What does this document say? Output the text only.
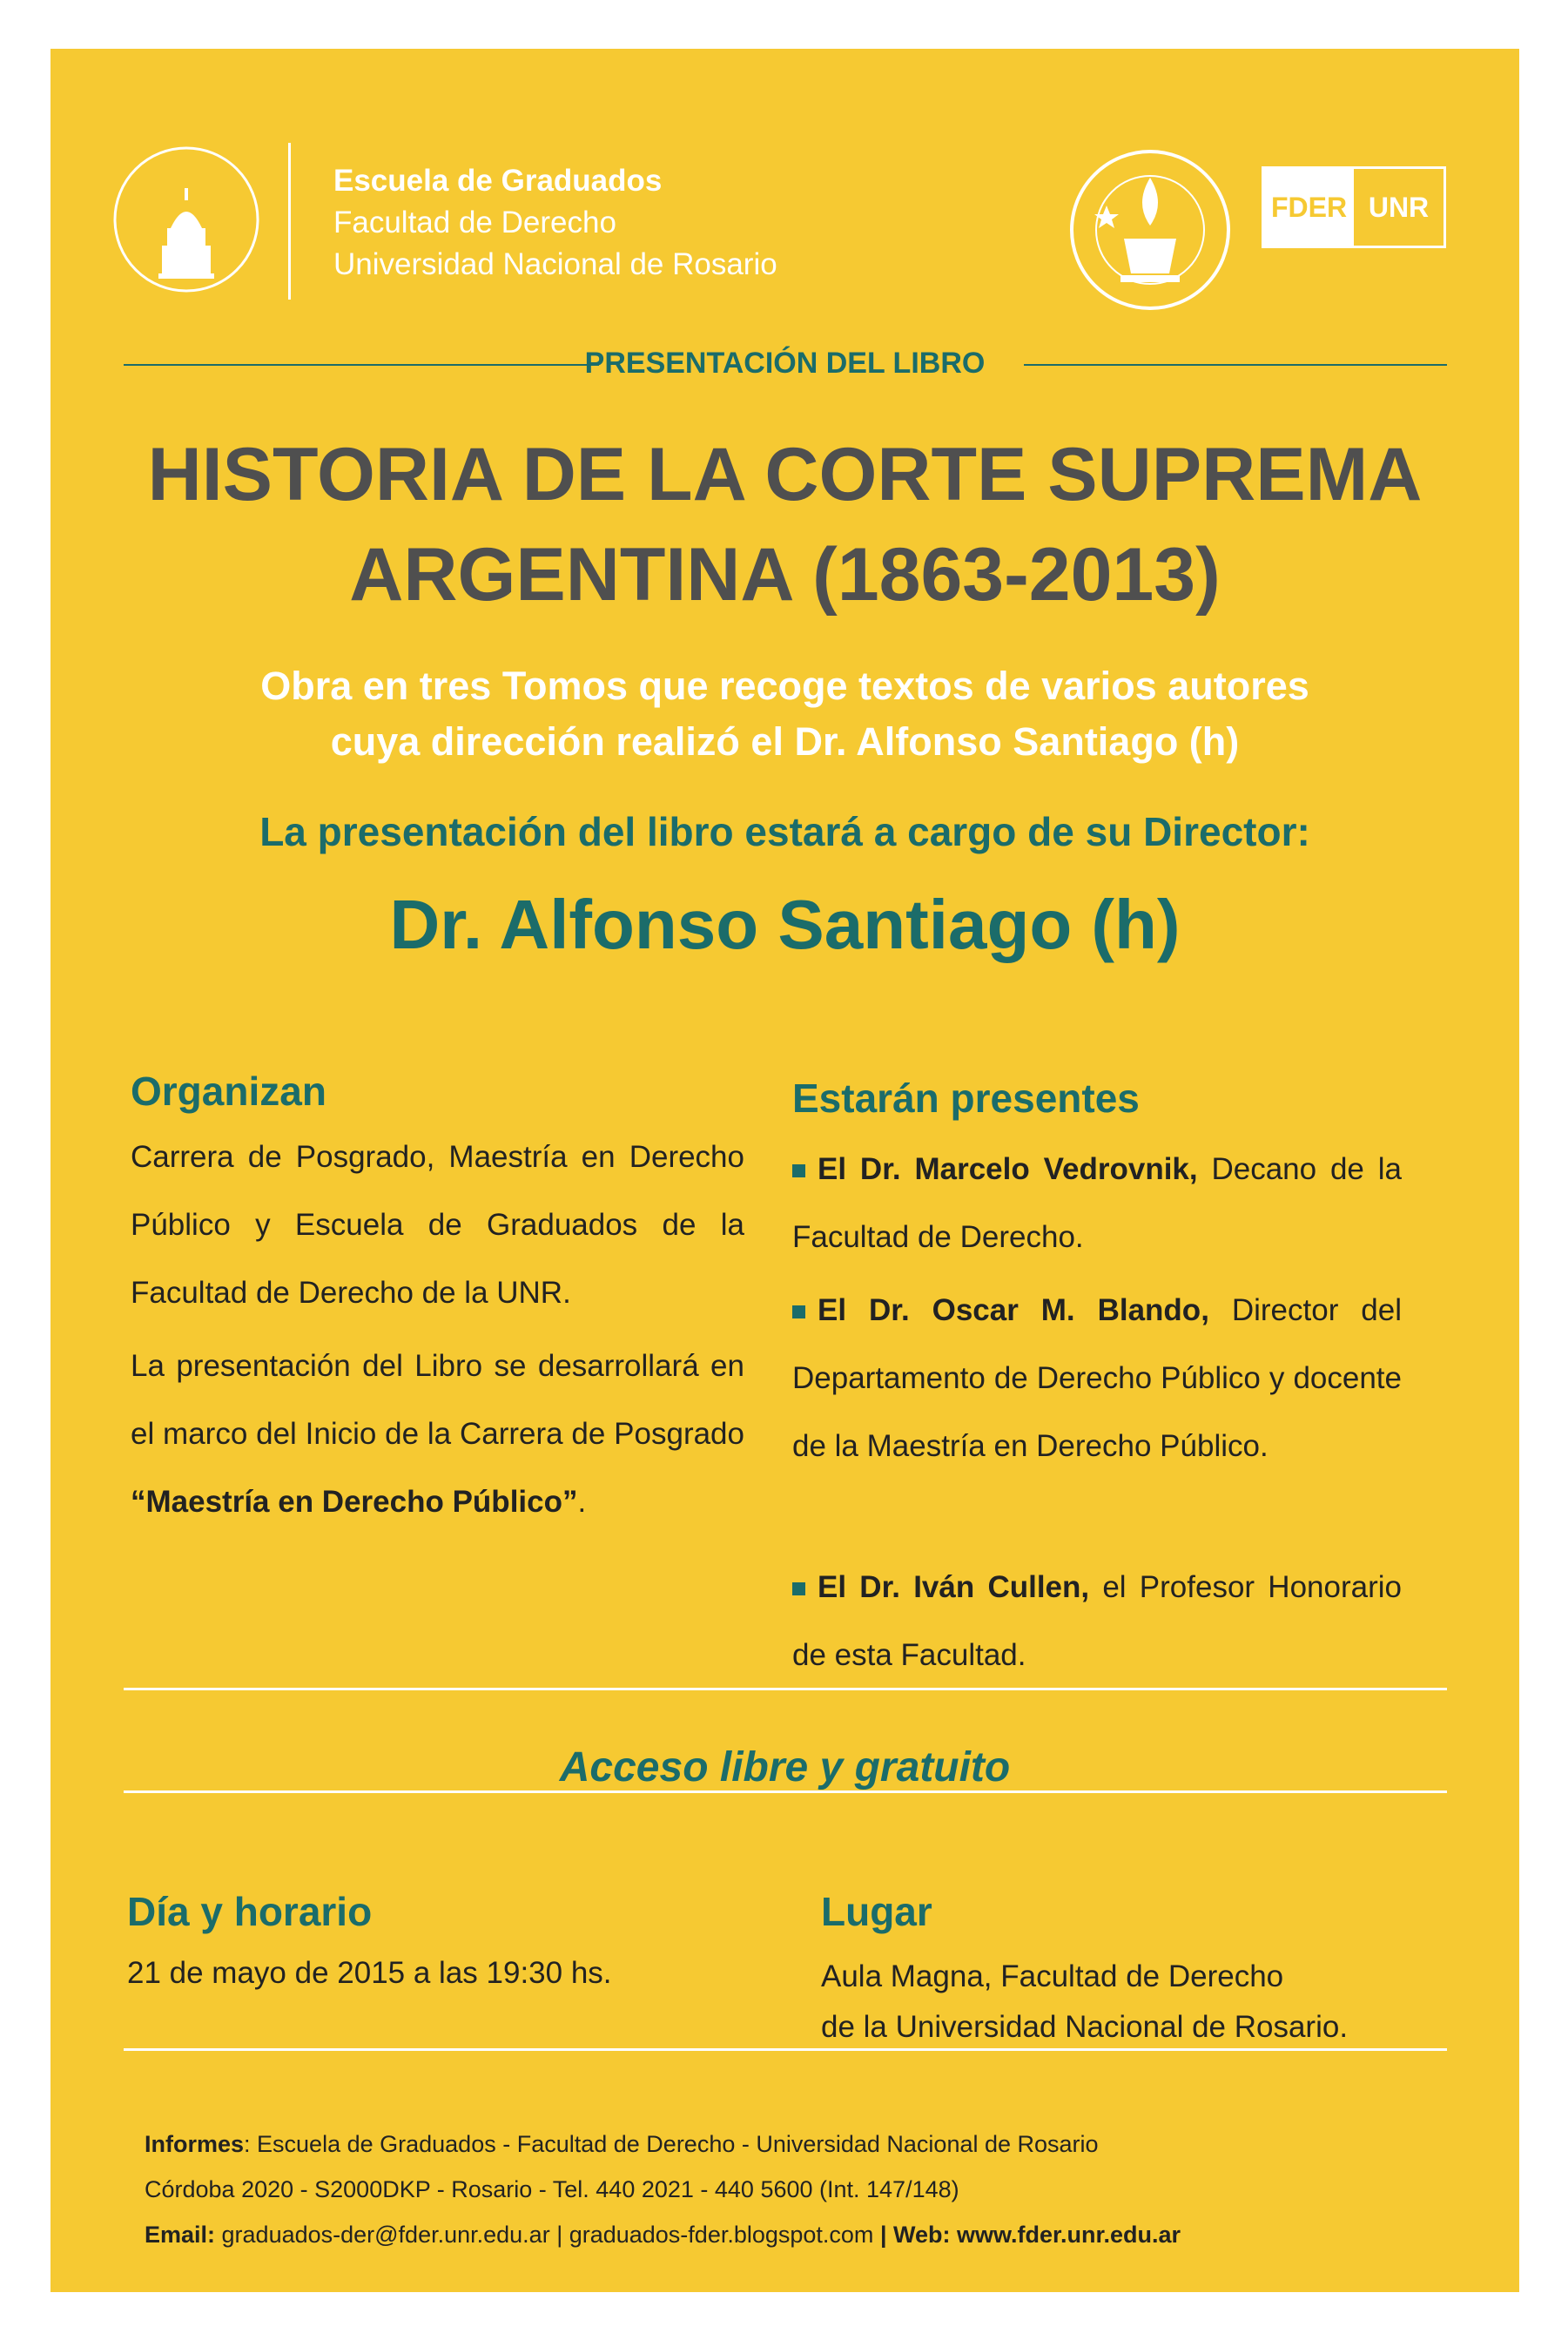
Escuela de Graduados
Facultad de Derecho
Universidad Nacional de Rosario
FDER UNR
PRESENTACIÓN DEL LIBRO
HISTORIA DE LA CORTE SUPREMA
ARGENTINA (1863-2013)
Obra en tres Tomos que recoge textos de varios autores
cuya dirección realizó el Dr. Alfonso Santiago (h)
La presentación del libro estará a cargo de su Director:
Dr. Alfonso Santiago (h)
Organizan
Carrera de Posgrado, Maestría en Derecho Público y Escuela de Graduados de la Facultad de Derecho de la UNR.
La presentación del Libro se desarrollará en el marco del Inicio de la Carrera de Posgrado “Maestría en Derecho Público”.
Estarán presentes
El Dr. Marcelo Vedrovnik, Decano de la Facultad de Derecho.
El Dr. Oscar M. Blando, Director del Departamento de Derecho Público y docente de la Maestría en Derecho Público.
El Dr. Iván Cullen, el Profesor Honorario de esta Facultad.
Acceso libre y gratuito
Día y horario
21 de mayo de 2015 a las 19:30 hs.
Lugar
Aula Magna, Facultad de Derecho
de la Universidad Nacional de Rosario.
Informes: Escuela de Graduados - Facultad de Derecho - Universidad Nacional de Rosario
Córdoba 2020 - S2000DKP - Rosario - Tel. 440 2021 - 440 5600 (Int. 147/148)
Email: graduados-der@fder.unr.edu.ar | graduados-fder.blogspot.com | Web: www.fder.unr.edu.ar
